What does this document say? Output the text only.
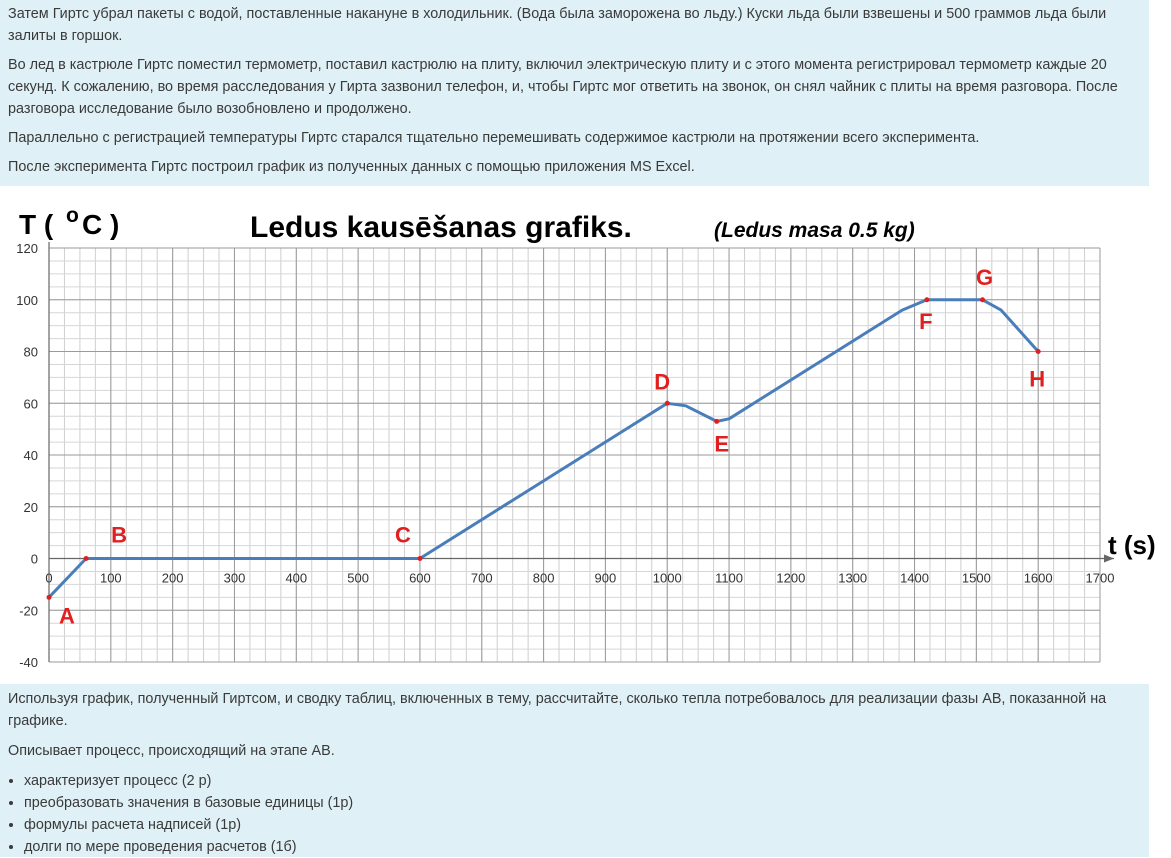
Затем Гиртс убрал пакеты с водой, поставленные накануне в холодильник. (Вода была заморожена во льду.) Куски льда были взвешены и 500 граммов льда были залиты в горшок.

Во лед в кастрюле Гиртс поместил термометр, поставил кастрюлю на плиту, включил электрическую плиту и с этого момента регистрировал термометр каждые 20 секунд. К сожалению, во время расследования у Гирта зазвонил телефон, и, чтобы Гиртс мог ответить на звонок, он снял чайник с плиты на время разговора. После разговора исследование было возобновлено и продолжено.

Параллельно с регистрацией температуры Гиртс старался тщательно перемешивать содержимое кастрюли на протяжении всего эксперимента.

После эксперимента Гиртс построил график из полученных данных с помощью приложения MS Excel.

0	100	200	300	400	500	600	700	800	900	1000	1100	1200	1300	1400	1500	1600	1700
-40
-20
0
20
40
60
80
100
120
A
B	C
D
E
F
G
H
Ledus kausēšanas grafiks.	(Ledus masa 0.5 kg)
T ( o C )
t (s)

Используя график, полученный Гиртсом, и сводку таблиц, включенных в тему, рассчитайте, сколько тепла потребовалось для реализации фазы AB, показанной на графике.

Описывает процесс, происходящий на этапе AB.

• характеризует процесс (2 p)
• преобразовать значения в базовые единицы (1p)
• формулы расчета надписей (1p)
• долги по мере проведения расчетов (1б)
